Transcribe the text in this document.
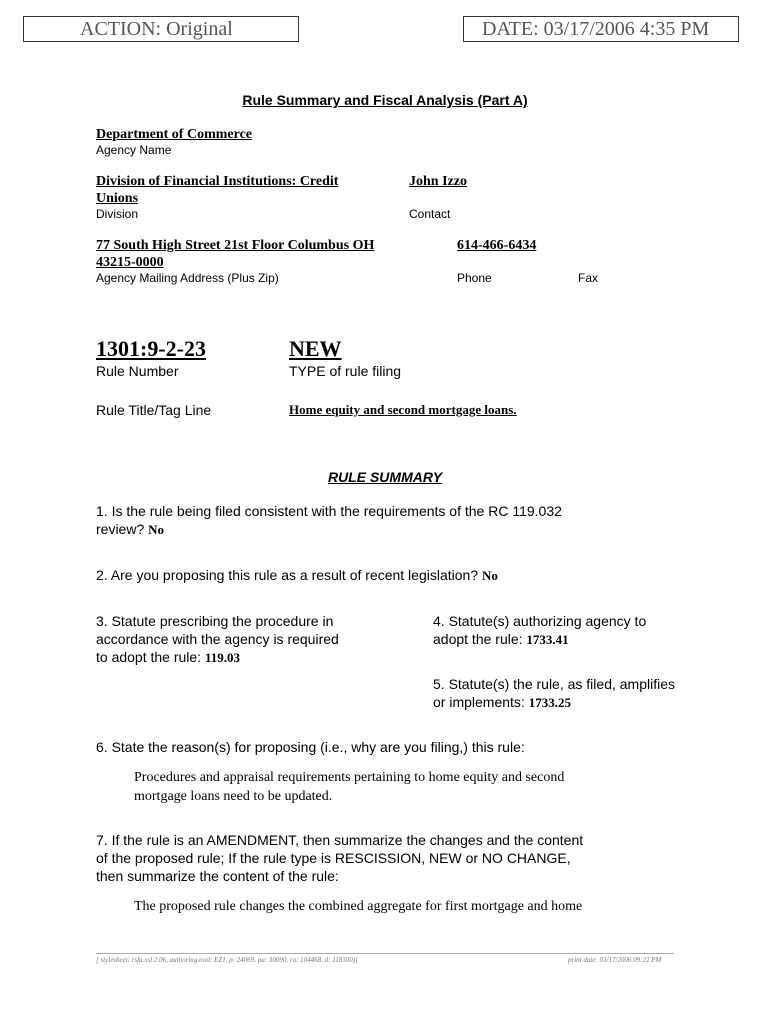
ACTION: Original	DATE: 03/17/2006 4:35 PM
Rule Summary and Fiscal Analysis (Part A)
Department of Commerce
Agency Name
Division of Financial Institutions: Credit
Unions
Division
John Izzo
Contact
77 South High Street 21st Floor Columbus OH
43215-0000
Agency Mailing Address (Plus Zip)
614-466-6434
Phone	Fax
1301:9-2-23
Rule Number
NEW
TYPE of rule filing
Rule Title/Tag Line	Home equity and second mortgage loans.
RULE SUMMARY
1. Is the rule being filed consistent with the requirements of the RC 119.032
review? No
2. Are you proposing this rule as a result of recent legislation? No
3. Statute prescribing the procedure in
accordance with the agency is required
to adopt the rule: 119.03
4. Statute(s) authorizing agency to
adopt the rule: 1733.41
5. Statute(s) the rule, as filed, amplifies
or implements: 1733.25
6. State the reason(s) for proposing (i.e., why are you filing,) this rule:
Procedures and appraisal requirements pertaining to home equity and second
mortgage loans need to be updated.
7. If the rule is an AMENDMENT, then summarize the changes and the content
of the proposed rule; If the rule type is RESCISSION, NEW or NO CHANGE,
then summarize the content of the rule:
The proposed rule changes the combined aggregate for first mortgage and home
[ stylesheet: rsfa.xsl 2.06, authoring tool: EZ1, p: 24069, pa: 30090, ra: 104468, d: 118300)]	print date: 03/17/2006 09:22 PM
